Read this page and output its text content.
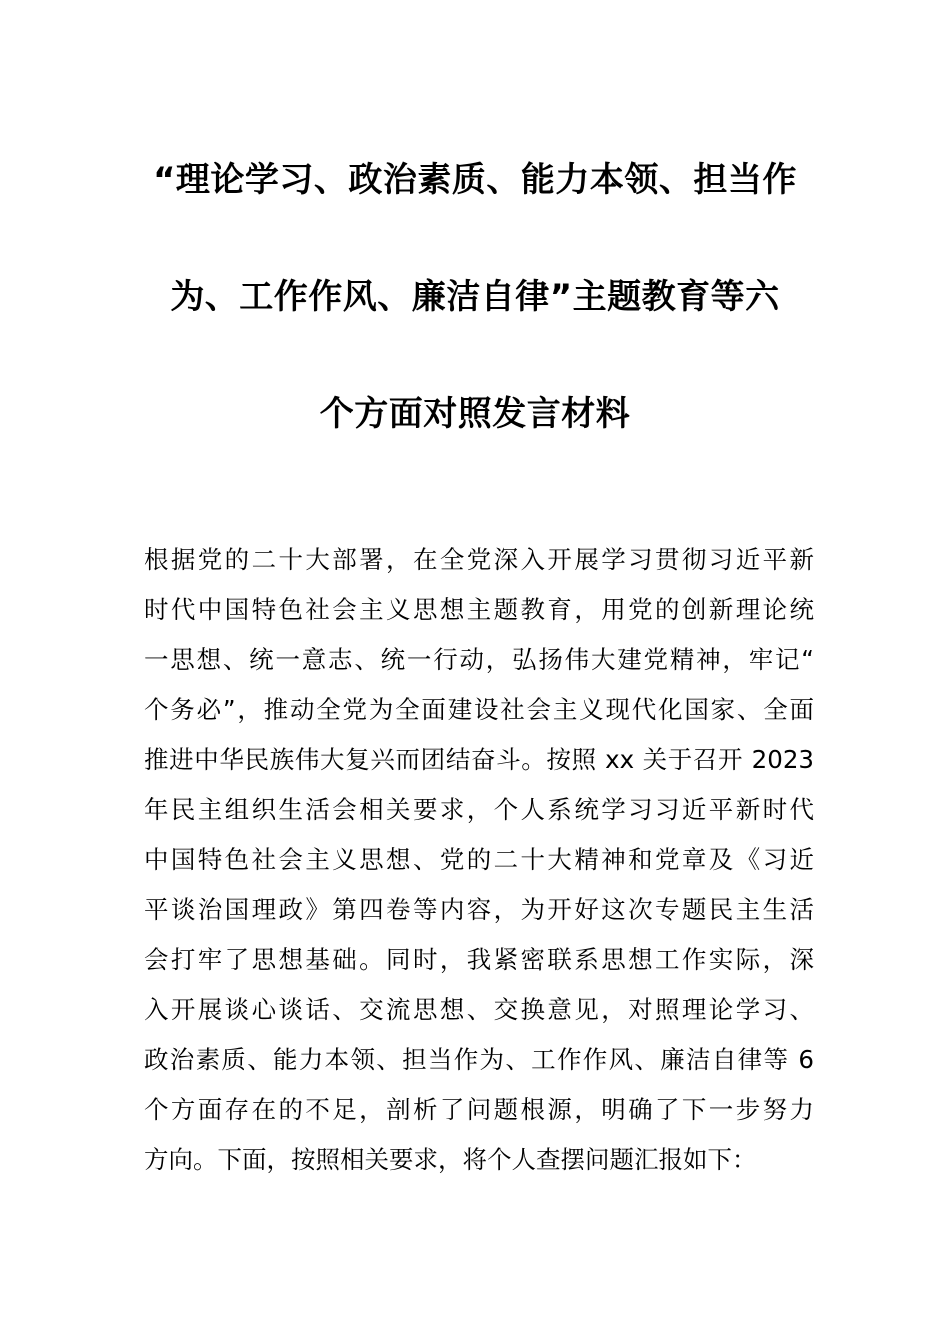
“理论学习、政治素质、能力本领、担当作
为、工作作风、廉洁自律”主题教育等六
个方面对照发言材料
根据党的二十大部署，在全党深入开展学习贯彻习近平新
时代中国特色社会主义思想主题教育，用党的创新理论统
一思想、统一意志、统一行动，弘扬伟大建党精神，牢记“
个务必”，推动全党为全面建设社会主义现代化国家、全面
推进中华民族伟大复兴而团结奋斗。按照 xx 关于召开 2023
年民主组织生活会相关要求，个人系统学习习近平新时代
中国特色社会主义思想、党的二十大精神和党章及《习近
平谈治国理政》第四卷等内容，为开好这次专题民主生活
会打牢了思想基础。同时，我紧密联系思想工作实际，深
入开展谈心谈话、交流思想、交换意见，对照理论学习、
政治素质、能力本领、担当作为、工作作风、廉洁自律等 6
个方面存在的不足，剖析了问题根源，明确了下一步努力
方向。下面，按照相关要求，将个人查摆问题汇报如下：
